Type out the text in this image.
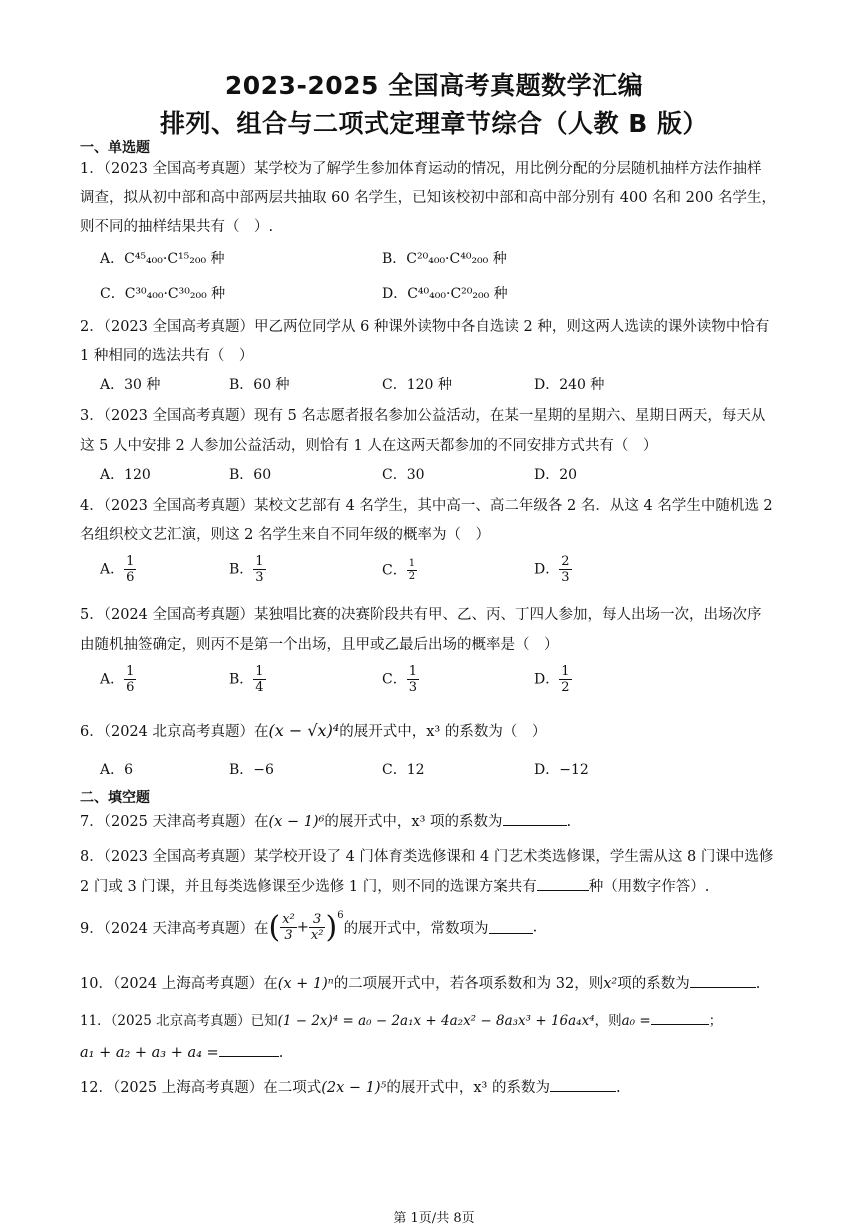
2023-2025 全国高考真题数学汇编
排列、组合与二项式定理章节综合（人教 B 版）
一、单选题
1．（2023 全国高考真题）某学校为了解学生参加体育运动的情况，用比例分配的分层随机抽样方法作抽样
调查，拟从初中部和高中部两层共抽取 60 名学生，已知该校初中部和高中部分别有 400 名和 200 名学生，
则不同的抽样结果共有（　）.
A．C⁴⁵₄₀₀·C¹⁵₂₀₀ 种	B．C²⁰₄₀₀·C⁴⁰₂₀₀ 种
C．C³⁰₄₀₀·C³⁰₂₀₀ 种	D．C⁴⁰₄₀₀·C²⁰₂₀₀ 种
2．（2023 全国高考真题）甲乙两位同学从 6 种课外读物中各自选读 2 种，则这两人选读的课外读物中恰有
1 种相同的选法共有（　）
A．30 种	B．60 种	C．120 种	D．240 种
3．（2023 全国高考真题）现有 5 名志愿者报名参加公益活动，在某一星期的星期六、星期日两天，每天从
这 5 人中安排 2 人参加公益活动，则恰有 1 人在这两天都参加的不同安排方式共有（　）
A．120	B．60	C．30	D．20
4．（2023 全国高考真题）某校文艺部有 4 名学生，其中高一、高二年级各 2 名．从这 4 名学生中随机选 2
名组织校文艺汇演，则这 2 名学生来自不同年级的概率为（　）
A． $\frac{1}{6}$	B． $\frac{1}{3}$	C． $\frac{1}{2}$	D． $\frac{2}{3}$
5．（2024 全国高考真题）某独唱比赛的决赛阶段共有甲、乙、丙、丁四人参加，每人出场一次，出场次序
由随机抽签确定，则丙不是第一个出场，且甲或乙最后出场的概率是（　）
A． $\frac{1}{6}$	B． $\frac{1}{4}$	C． $\frac{1}{3}$	D． $\frac{1}{2}$
6．（2024 北京高考真题）在(x − √x)⁴的展开式中，x³ 的系数为（　）
A．6	B．−6	C．12	D．−12
二、填空题
7．（2025 天津高考真题）在(x − 1)⁶的展开式中，x³ 项的系数为	.
8．（2023 全国高考真题）某学校开设了 4 门体育类选修课和 4 门艺术类选修课，学生需从这 8 门课中选修
2 门或 3 门课，并且每类选修课至少选修 1 门，则不同的选课方案共有	种（用数字作答）.
9．（2024 天津高考真题）在( $\frac{\text{x²}}{3} + \frac{3}{\text{x²}} )^6$的展开式中，常数项为	.
10．（2024 上海高考真题）在(x + 1)ⁿ的二项展开式中，若各项系数和为 32，则x²项的系数为	.
11．（2025 北京高考真题）已知(1 − 2x)⁴ = a₀ − 2a₁x + 4a₂x² − 8a₃x³ + 16a₄x⁴，则a₀ =	；
a₁ + a₂ + a₃ + a₄ =	.
12．（2025 上海高考真题）在二项式(2x − 1)⁵的展开式中，x³ 的系数为	.
第 1页/共 8页
